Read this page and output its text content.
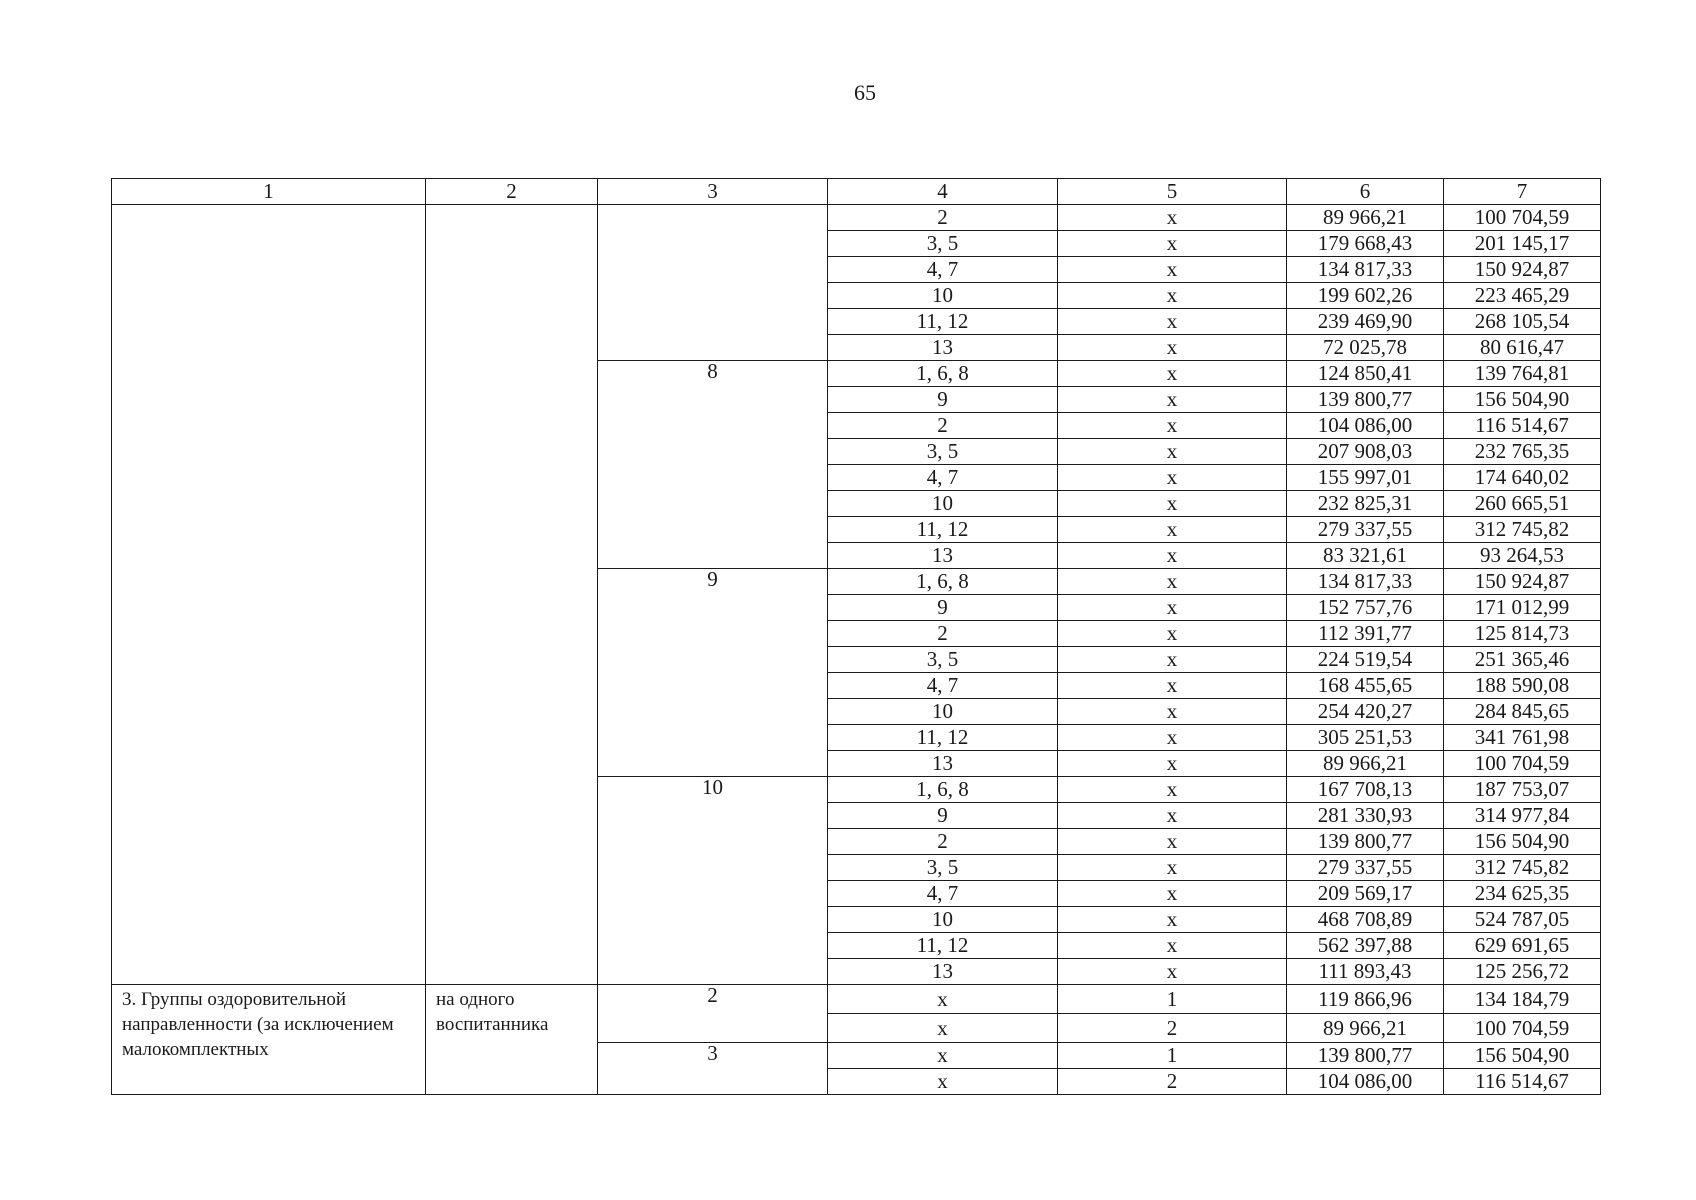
65
1	2	3	4	5	6	7
			2	x	89 966,21	100 704,59
			3, 5	x	179 668,43	201 145,17
			4, 7	x	134 817,33	150 924,87
			10	x	199 602,26	223 465,29
			11, 12	x	239 469,90	268 105,54
			13	x	72 025,78	80 616,47
		8	1, 6, 8	x	124 850,41	139 764,81
			9	x	139 800,77	156 504,90
			2	x	104 086,00	116 514,67
			3, 5	x	207 908,03	232 765,35
			4, 7	x	155 997,01	174 640,02
			10	x	232 825,31	260 665,51
			11, 12	x	279 337,55	312 745,82
			13	x	83 321,61	93 264,53
		9	1, 6, 8	x	134 817,33	150 924,87
			9	x	152 757,76	171 012,99
			2	x	112 391,77	125 814,73
			3, 5	x	224 519,54	251 365,46
			4, 7	x	168 455,65	188 590,08
			10	x	254 420,27	284 845,65
			11, 12	x	305 251,53	341 761,98
			13	x	89 966,21	100 704,59
		10	1, 6, 8	x	167 708,13	187 753,07
			9	x	281 330,93	314 977,84
			2	x	139 800,77	156 504,90
			3, 5	x	279 337,55	312 745,82
			4, 7	x	209 569,17	234 625,35
			10	x	468 708,89	524 787,05
			11, 12	x	562 397,88	629 691,65
			13	x	111 893,43	125 256,72
3. Группы оздоровительной направленности (за исключением малокомплектных	на одного воспитанника	2	x	1	119 866,96	134 184,79
			x	2	89 966,21	100 704,59
		3	x	1	139 800,77	156 504,90
			x	2	104 086,00	116 514,67
